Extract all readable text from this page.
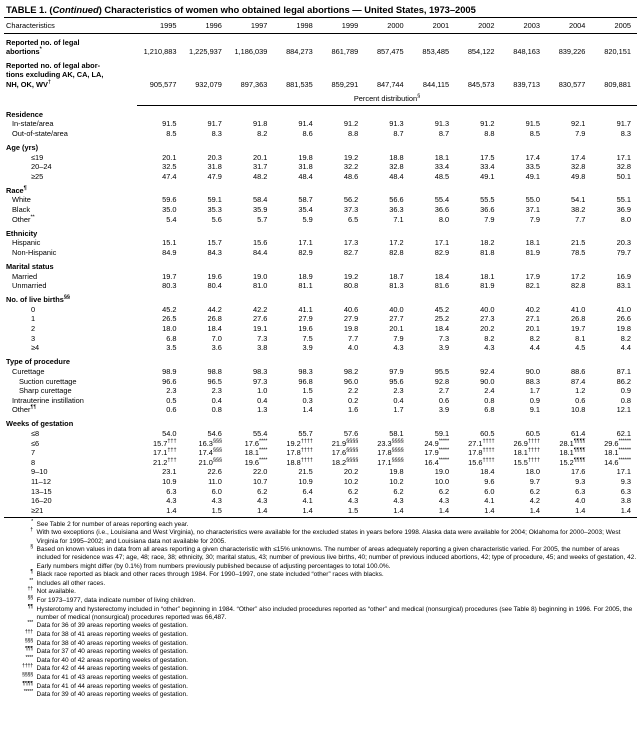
TABLE 1. (Continued) Characteristics of women who obtained legal abortions — United States, 1973–2005
Characteristics	1995	1996	1997	1998	1999	2000	2001	2002	2003	2004	2005

Reported no. of legal
abortions*	1,210,883	1,225,937	1,186,039	884,273	861,789	857,475	853,485	854,122	848,163	839,226	820,151

Reported no. of legal abor-
tions excluding AK, CA, LA,
NH, OK, WV†	905,577	932,079	897,363	881,535	859,291	847,744	844,115	845,573	839,713	830,577	809,881
	Percent distribution§
Residence											
In-state/area	91.5	91.7	91.8	91.4	91.2	91.3	91.3	91.2	91.5	92.1	91.7
Out-of-state/area	8.5	8.3	8.2	8.6	8.8	8.7	8.7	8.8	8.5	7.9	8.3
Age (yrs)											
≤19	20.1	20.3	20.1	19.8	19.2	18.8	18.1	17.5	17.4	17.4	17.1
20–24	32.5	31.8	31.7	31.8	32.2	32.8	33.4	33.4	33.5	32.8	32.8
≥25	47.4	47.9	48.2	48.4	48.6	48.4	48.5	49.1	49.1	49.8	50.1
Race¶											
White	59.6	59.1	58.4	58.7	56.2	56.6	55.4	55.5	55.0	54.1	55.1
Black	35.0	35.3	35.9	35.4	37.3	36.3	36.6	36.6	37.1	38.2	36.9
Other**	5.4	5.6	5.7	5.9	6.5	7.1	8.0	7.9	7.9	7.7	8.0
Ethnicity											
Hispanic	15.1	15.7	15.6	17.1	17.3	17.2	17.1	18.2	18.1	21.5	20.3
Non-Hispanic	84.9	84.3	84.4	82.9	82.7	82.8	82.9	81.8	81.9	78.5	79.7
Marital status											
Married	19.7	19.6	19.0	18.9	19.2	18.7	18.4	18.1	17.9	17.2	16.9
Unmarried	80.3	80.4	81.0	81.1	80.8	81.3	81.6	81.9	82.1	82.8	83.1
No. of live births§§											
0	45.2	44.2	42.2	41.1	40.6	40.0	45.2	40.0	40.2	41.0	41.0
1	26.5	26.8	27.6	27.9	27.9	27.7	25.2	27.3	27.1	26.8	26.6
2	18.0	18.4	19.1	19.6	19.8	20.1	18.4	20.2	20.1	19.7	19.8
3	6.8	7.0	7.3	7.5	7.7	7.9	7.3	8.2	8.2	8.1	8.2
≥4	3.5	3.6	3.8	3.9	4.0	4.3	3.9	4.3	4.4	4.5	4.4
Type of procedure											
Curettage	98.9	98.8	98.3	98.3	98.2	97.9	95.5	92.4	90.0	88.6	87.1
Suction curettage	96.6	96.5	97.3	96.8	96.0	95.6	92.8	90.0	88.3	87.4	86.2
Sharp curettage	2.3	2.3	1.0	1.5	2.2	2.3	2.7	2.4	1.7	1.2	0.9
Intrauterine instillation	0.5	0.4	0.4	0.3	0.2	0.4	0.6	0.8	0.9	0.6	0.8
Other¶¶	0.6	0.8	1.3	1.4	1.6	1.7	3.9	6.8	9.1	10.8	12.1
Weeks of gestation											
≤8	54.0	54.6	55.4	55.7	57.6	58.1	59.1	60.5	60.5	61.4	62.1
≤6	15.7†††	16.3§§§	17.6****	19.2††††	21.9§§§§	23.3§§§§	24.9*****	27.1††††	26.9††††	28.1¶¶¶¶	29.6******
7	17.1†††	17.4§§§	18.1****	17.8††††	17.6§§§§	17.8§§§§	17.9*****	17.8††††	18.1††††	18.1¶¶¶¶	18.1******
8	21.2†††	21.0§§§	19.6****	18.8††††	18.2§§§§	17.1§§§§	16.4*****	15.6††††	15.5††††	15.2¶¶¶¶	14.6******
9–10	23.1	22.6	22.0	21.5	20.2	19.8	19.0	18.4	18.0	17.6	17.1
11–12	10.9	11.0	10.7	10.9	10.2	10.2	10.0	9.6	9.7	9.3	9.3
13–15	6.3	6.0	6.2	6.4	6.2	6.2	6.2	6.0	6.2	6.3	6.3
16–20	4.3	4.3	4.3	4.1	4.3	4.3	4.3	4.1	4.2	4.0	3.8
≥21	1.4	1.5	1.4	1.4	1.5	1.4	1.4	1.4	1.4	1.4	1.4

* See Table 2 for number of areas reporting each year.
† With two exceptions (i.e., Louisiana and West Virginia), no characteristics were available for the excluded states in years before 1998. Alaska data were available for 2004; Oklahoma for 2000–2003; West Virginia for 1995–2002; and Louisiana data not available for 2005.
§ Based on known values in data from all areas reporting a given characteristic with ≤15% unknowns. The number of areas adequately reporting a given characteristic varied. For 2005, the number of areas included for residence was 47; age, 48; race, 38; ethnicity, 30; marital status, 43; number of previous live births, 40; number of previous induced abortions, 42; type of procedure, 45; and weeks of gestation, 42. Early numbers might differ (by 0.1%) from numbers previously published because of adjusting percentages to total 100.0%.
¶ Black race reported as black and other races through 1984. For 1990–1997, one state included “other” races with blacks.
** Includes all other races.
†† Not available.
§§ For 1973–1977, data indicate number of living children.
¶¶ Hysterotomy and hysterectomy included in “other” beginning in 1984. “Other” also included procedures reported as “other” and medical (nonsurgical) procedures (see Table 8) beginning in 1996. For 2005, the number of medical (nonsurgical) procedures reported was 66,487.
*** Data for 36 of 39 areas reporting weeks of gestation.
††† Data for 38 of 41 areas reporting weeks of gestation.
§§§ Data for 38 of 40 areas reporting weeks of gestation.
¶¶¶ Data for 37 of 40 areas reporting weeks of gestation.
**** Data for 40 of 42 areas reporting weeks of gestation.
†††† Data for 42 of 44 areas reporting weeks of gestation.
§§§§ Data for 41 of 43 areas reporting weeks of gestation.
¶¶¶¶ Data for 41 of 44 areas reporting weeks of gestation.
***** Data for 39 of 40 areas reporting weeks of gestation.
